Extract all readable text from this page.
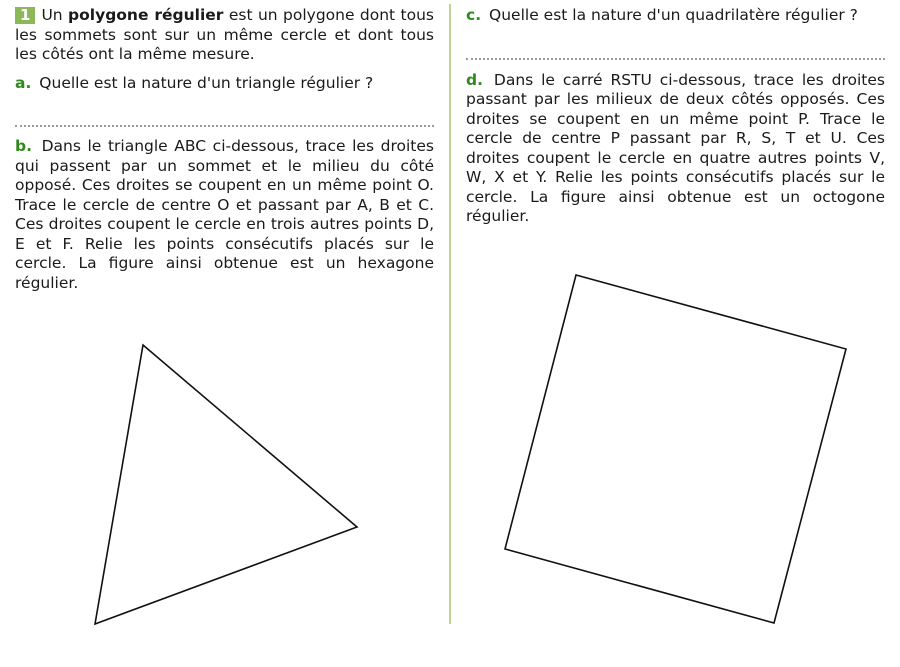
1 Un polygone régulier est un polygone dont tous les sommets sont sur un même cercle et dont tous les côtés ont la même mesure.

a. Quelle est la nature d'un triangle régulier ?

b. Dans le triangle ABC ci-dessous, trace les droites qui passent par un sommet et le milieu du côté opposé. Ces droites se coupent en un même point O. Trace le cercle de centre O et passant par A, B et C. Ces droites coupent le cercle en trois autres points D, E et F. Relie les points consécutifs placés sur le cercle. La figure ainsi obtenue est un hexagone régulier.

c. Quelle est la nature d'un quadrilatère régulier ?

d. Dans le carré RSTU ci-dessous, trace les droites passant par les milieux de deux côtés opposés. Ces droites se coupent en un même point P. Trace le cercle de centre P passant par R, S, T et U. Ces droites coupent le cercle en quatre autres points V, W, X et Y. Relie les points consécutifs placés sur le cercle. La figure ainsi obtenue est un octogone régulier.
